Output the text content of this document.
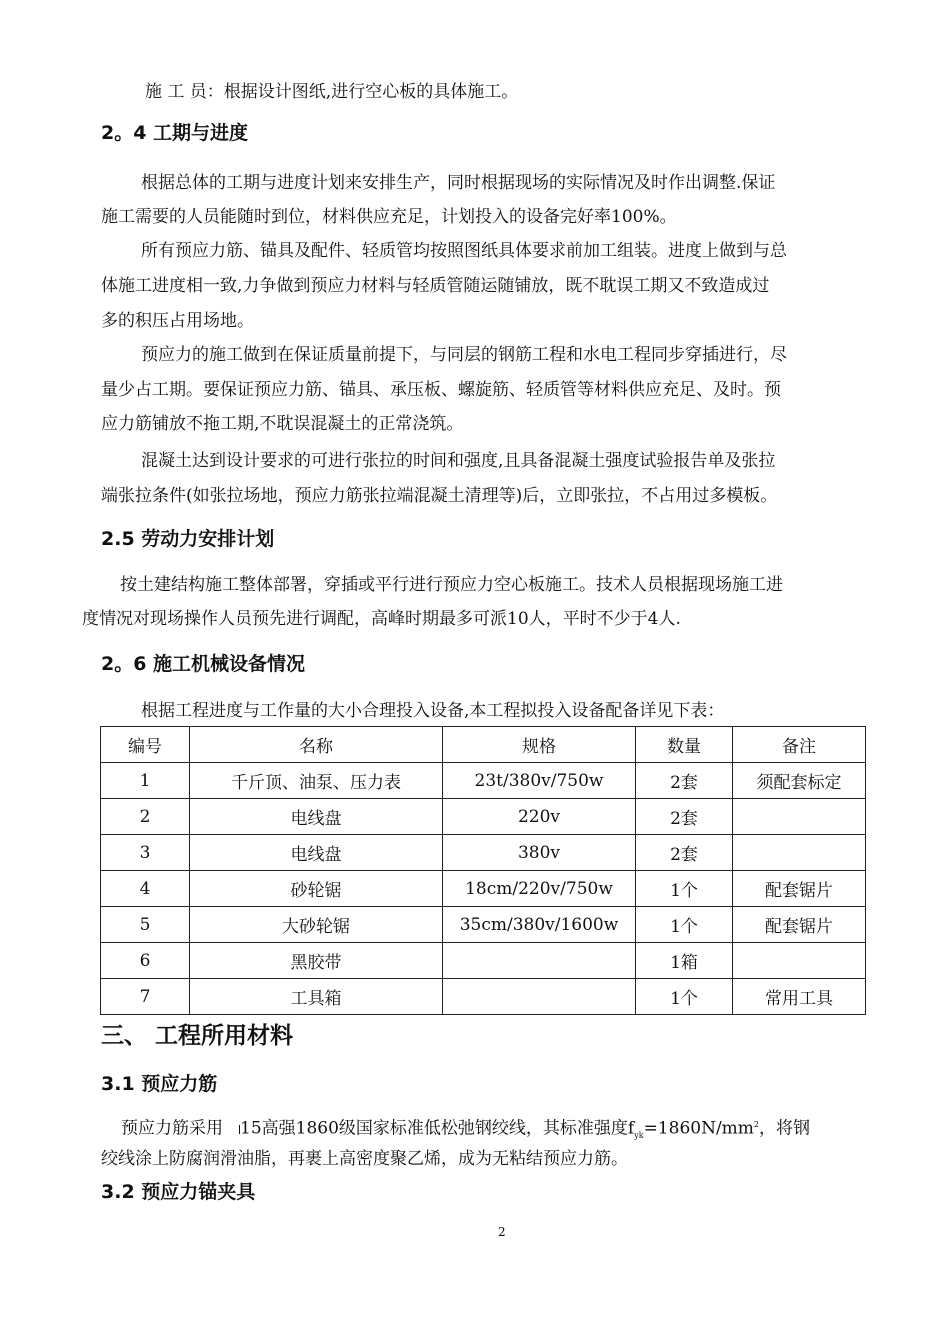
施 工 员：根据设计图纸,进行空心板的具体施工。
2。4 工期与进度
根据总体的工期与进度计划来安排生产，同时根据现场的实际情况及时作出调整.保证
施工需要的人员能随时到位，材料供应充足，计划投入的设备完好率100%。
所有预应力筋、锚具及配件、轻质管均按照图纸具体要求前加工组装。进度上做到与总
体施工进度相一致,力争做到预应力材料与轻质管随运随铺放，既不耽误工期又不致造成过
多的积压占用场地。
预应力的施工做到在保证质量前提下，与同层的钢筋工程和水电工程同步穿插进行，尽
量少占工期。要保证预应力筋、锚具、承压板、螺旋筋、轻质管等材料供应充足、及时。预
应力筋铺放不拖工期,不耽误混凝土的正常浇筑。
混凝土达到设计要求的可进行张拉的时间和强度,且具备混凝土强度试验报告单及张拉
端张拉条件(如张拉场地，预应力筋张拉端混凝土清理等)后，立即张拉，不占用过多模板。
2.5 劳动力安排计划
按土建结构施工整体部署，穿插或平行进行预应力空心板施工。技术人员根据现场施工进
度情况对现场操作人员预先进行调配，高峰时期最多可派10人，平时不少于4人.
2。6 施工机械设备情况
根据工程进度与工作量的大小合理投入设备,本工程拟投入设备配备详见下表：
编号	名称	规格	数量	备注
1	千斤顶、油泵、压力表	23t/380v/750w	2套	须配套标定
2	电线盘	220v	2套	
3	电线盘	380v	2套	
4	砂轮锯	18cm/220v/750w	1个	配套锯片
5	大砂轮锯	35cm/380v/1600w	1个	配套锯片
6	黑胶带		1箱	
7	工具箱		1个	常用工具
三、 工程所用材料
3.1 预应力筋
预应力筋采用 15高强1860级国家标准低松弛钢绞线，其标准强度$f_{yk}=1860N/mm^2$，将钢
绞线涂上防腐润滑油脂，再裹上高密度聚乙烯，成为无粘结预应力筋。
3.2 预应力锚夹具
2
